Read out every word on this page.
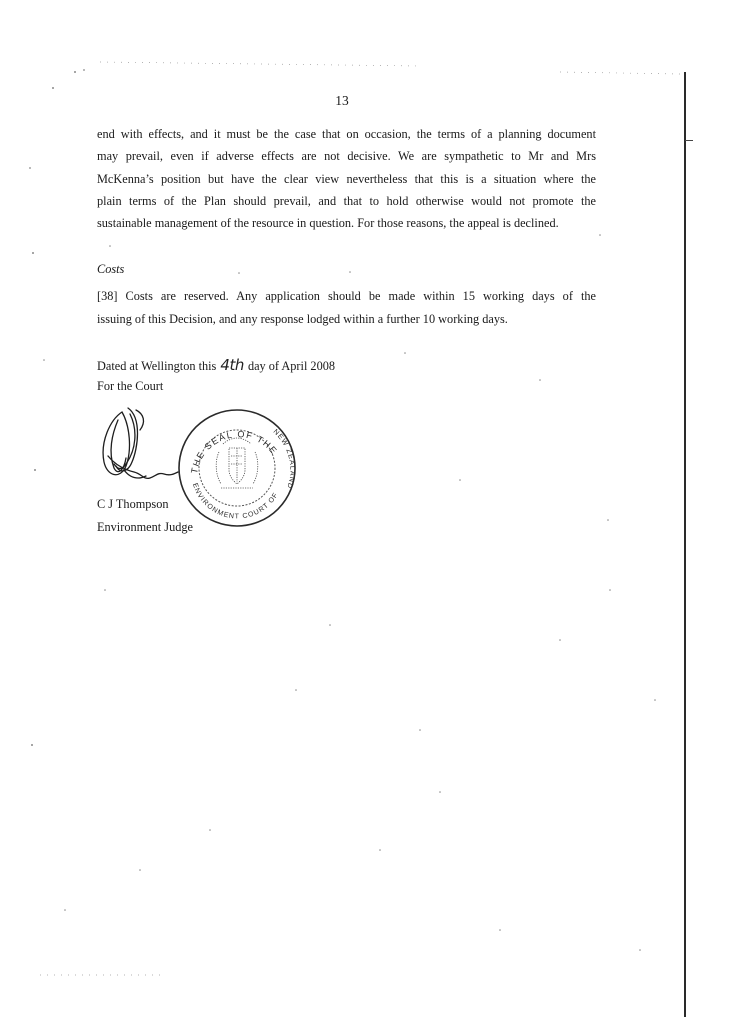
13
end with effects, and it must be the case that on occasion, the terms of a planning document
may prevail, even if adverse effects are not decisive. We are sympathetic to Mr and Mrs
McKenna’s position but have the clear view nevertheless that this is a situation where the
plain terms of the Plan should prevail, and that to hold otherwise would not promote the
sustainable management of the resource in question. For those reasons, the appeal is declined.
Costs
[38] Costs are reserved. Any application should be made within 15 working days of the
issuing of this Decision, and any response lodged within a further 10 working days.
Dated at Wellington this 4th day of April 2008
For the Court
THE SEAL OF THE
NEW ZEALAND
ENVIRONMENT COURT OF
C J Thompson
Environment Judge
